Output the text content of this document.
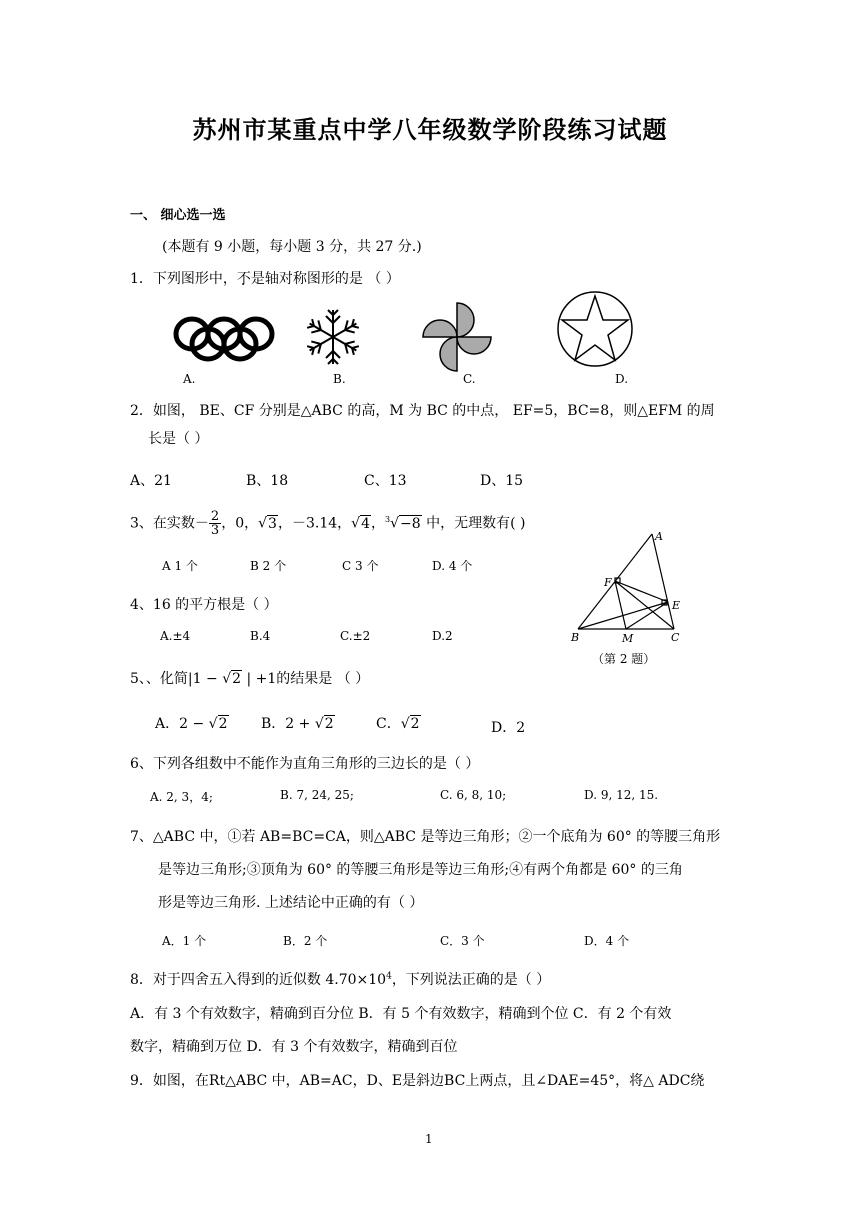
苏州市某重点中学八年级数学阶段练习试题
一、 细心选一选
(本题有 9 小题，每小题 3 分，共 27 分.)
1．下列图形中，不是轴对称图形的是 （ ）
A.	B.	C.	D.
2．如图， BE、CF 分别是△ABC 的高，M 为 BC 的中点， EF=5，BC=8，则△EFM 的周
长是（ ）
A、21	B、18	C、13	D、15
3、在实数－ $\frac{2}{3}$ ，0，√3，－3.14，√4，$^3$√−8 中，无理数有( )
A 1 个	B 2 个	C 3 个	D. 4 个
A
B	C
E
F
M
（第 2 题）
4、16 的平方根是（ ）
A.±4	B.4	C.±2	D.2
5、、化简|1 − √2 | +1的结果是 （ ）
A．2 − √2 B．2 + √2	C．√2	D．2
6、下列各组数中不能作为直角三角形的三边长的是（ ）
A. 2, 3，4;	B. 7, 24, 25;	C. 6, 8, 10;	D. 9, 12, 15.
7、△ABC 中，①若 AB=BC=CA，则△ABC 是等边三角形；②一个底角为 60° 的等腰三角形
是等边三角形;③顶角为 60° 的等腰三角形是等边三角形;④有两个角都是 60° 的三角
形是等边三角形. 上述结论中正确的有（ ）
A．1 个	B．2 个	C．3 个	D．4 个
8．对于四舍五入得到的近似数 $4.70\times 10^4$，下列说法正确的是（ ）
A．有 3 个有效数字，精确到百分位 B．有 5 个有效数字，精确到个位 C．有 2 个有效
数字，精确到万位 D．有 3 个有效数字，精确到百位
9．如图，在Rt△ABC 中，AB=AC，D、E是斜边BC上两点，且∠DAE=45°，将△ ADC绕
1
